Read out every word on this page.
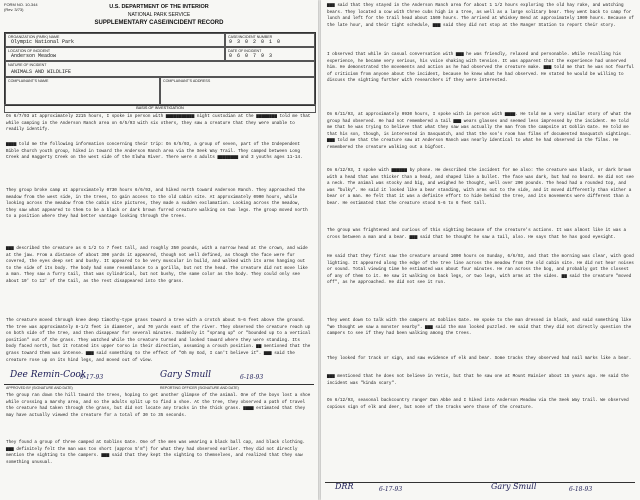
FORM NO. 10-344
(Rev. 3/73)	U.S. DEPARTMENT OF THE INTERIOR
NATIONAL PARK SERVICE
SUPPLEMENTARY CASE/INCIDENT RECORD
ORGANIZATION (PARK) NAME
Olympic National Park
CASE/INCIDENT NUMBER
9 3 0 2 0 1 0
LOCATION OF INCIDENT
Anderson Meadow
DATE OF INCIDENT
0 6 0 7 9 3
NATURE OF INCIDENT
ANIMALS AND WILDLIFE
COMPLAINANT'S NAME	COMPLAINANT'S ADDRESS
BASIS OF INVESTIGATION
On 6/7/93 at approximately 2215 hours, I spoke in person with ▆▆▆▆▆▆▆▆▆▆▆ night custodian at the ▆▆▆▆▆▆▆▆ told me that while camping in the Anderson Ranch area on 6/5/93 with six others, they saw a creature that they were unable to readily identify.
▆▆▆▆ told me the following information concerning their trip: On 6/5/93, a group of seven, part of the Independent Bible Church youth group, hiked in toward the Anderson Ranch area via the Seek Way Trail. They camped between Long Creek and Haggerty Creek on the west side of the Elwha River. There were 4 adults ▆▆▆▆▆▆▆▆ and 3 youths ages 11-14.
They group broke camp at approximately 0730 hours 6/6/93, and hiked north toward Anderson Ranch. They approached the meadow from the west side, in the trees, to gain access to the old cabin site. At approximately 0900 hours, while looking across the meadow from the cabin site pictures, they made a sudden exclamation. Looking across the meadow, they saw what appeared to them to be a black or dark brown furred creature walking on two legs. The group moved north to a position where they had better vantage looking through the trees.
▆▆▆ described the creature as 6 1/2 to 7 feet tall, and roughly 350 pounds, with a narrow head at the crown, and wide at the jaw. From a distance of about 300 yards it appeared, though not well defined, as though the face were fur covered, the eyes deep set and bushy. It appeared to be very muscular in build, and walked with its arms hanging out to the side of its body. The body had some resemblance to a gorilla, but not the head. The creature did not move like a man. They saw a furry tail, that was cylindrical, but not bushy, the same color as the body. They could only see about 10' to 12' of the tail, as the rest disappeared into the grass.
The creature moved through knee deep timothy-type grass toward a tree with a crotch about 5-6 feet above the ground. The tree was approximately 8-1/2 feet in diameter, and 70 yards east of the river. They observed the creature reach up on both side of the tree, and then disappear for several minutes. Suddenly it "sprang up" or "bounded up to a vertical position" out of the grass. They watched while the creature turned and looked toward where they were standing. Its body faced north, but it rotated its upper torso in their direction, assuming a crouch position. ▆▆ mentioned that the grass toward them was intense. ▆▆▆ said something to the effect of "Oh my God, I can't believe it". ▆▆▆ said the creature rose up on its hind legs, and moved out of view.
APPROVED BY (SIGNATURE AND DATE)	REPORTING OFFICER (SIGNATURE AND DATE)
Dee Remin-Cook
6-17-93	Gary Smull	6-18-93
The group ran down the hill toward the trees, hoping to get another glimpse of the animal. One of the boys lost a shoe while crossing a marshy area, and so the adults split up to find a shoe. At the tree, they observed a path of travel the creature had taken through the grass, but did not locate any tracks in the thick grass. ▆▆▆▆ estimated that they may have actually viewed the creature for a total of 30 to 35 seconds.
They found a group of three camped at Goblins Gate. One of the men was wearing a black ball cap, and black clothing. ▆▆▆ definitely felt the man was too short (approx 5'8") for what they had observed earlier. They did not directly mention the sighting to the campers. ▆▆▆ said that they kept the sighting to themselves, and realized that they saw something unusual.
▆▆▆ said that they stayed in the Anderson Ranch area for about 1 1/2 hours exploring the old hay rake, and watching bears. They located a cow with three cubs high in a tree, as well as a large solitary bear. They went back to camp for lunch and left for the trail head about 1500 hours. The arrived at Whiskey Bend at approximately 1900 hours. Because of the late hour, and their tight schedule, ▆▆▆ said they did not stop at the Ranger Station to report their story.
I observed that while in casual conversation with ▆▆▆ he was friendly, relaxed and personable. While recalling his experience, he became very serious, his voice shaking with tension. It was apparent that the experience had unnerved him. He demonstrated the movements and action as he had observed the creature make. ▆▆▆ told me that he was not fearful of criticism from anyone about the incident, because he knew what he had observed. He stated he would be willing to discuss the sighting further with researchers if they were interested.
On 6/11/93, at approximately 0930 hours, I spoke with in person with ▆▆▆▆. He told me a very similar story of what the group had observed. He had not remembered a tail ▆▆▆ wears glasses and seemed less impressed by the incident. He told me that he was trying to believe that what they saw was actually the man from the campsite at Goblin Gate. He told me that his son, though, is interested in Sasquatch, and that the son's room has films of documented Sasquatch sightings. ▆▆▆ told me that the creature saw at Anderson Ranch was nearly identical to what he had observed in the films. He remembered the creature walking out a bigfoot.
On 6/12/93, I spoke with ▆▆▆▆▆▆ by phone. He described the incident for me also: The creature was black, or dark brown with a head that was thicker than a head, and shaped like a bullet. The face was dark, but had no beard. He did not see a neck. The animal was stocky and big, and weighed he thought, well over 200 pounds. The head had a rounded top, and was "bulky". He said it looked like a bear standing, with arms out to the side, and it moved differently than either a bear or a man. He felt that it was a definite effort to hide behind the tree, and its movements were different than a bear. He estimated that the creature stood 5-6 to 6 feet tall.
The group was frightened and curious of this sighting because of the creature's actions. It was almost like it was a cross between a man and a bear. ▆▆▆ said that he thought he saw a tail, also. He says that he has good eyesight.
He said that they first saw the creature around 1000 hours on Sunday, 6/6/93, and that the morning was clear, with good lighting. It appeared along the edge of the tree line across the meadow from the old cabin site. He did not hear noises or sound. Total viewing time he estimated was about four minutes. He ran across the bog, and probably got the closest of any of them to it. He saw it walking on back legs, or two legs, with arms at the sides. ▆▆ said the creature "moved off", as he approached. He did not see it run.
They went down to talk with the campers at Goblins Gate. He spoke to the man dressed in black, and said something like "We thought we saw a monster nearby". ▆▆▆ said the man looked puzzled. He said that they did not directly question the campers to see if they had been walking among the trees.
They looked for track or sign, and saw evidence of elk and bear. Some tracks they observed had nail marks like a bear.
▆▆▆ mentioned that he does not believe in Yetis, but that he saw one at Mount Rainier about 15 years ago. He said the incident was "kinda scary".
On 6/12/93, seasonal backcountry ranger Dan Abbe and I hiked into Anderson Meadow via the Seek Way trail. We observed copious sign of elk and deer, but none of the tracks were those of the creature.
DRR	6-17-93	Gary Smull	6-18-93
